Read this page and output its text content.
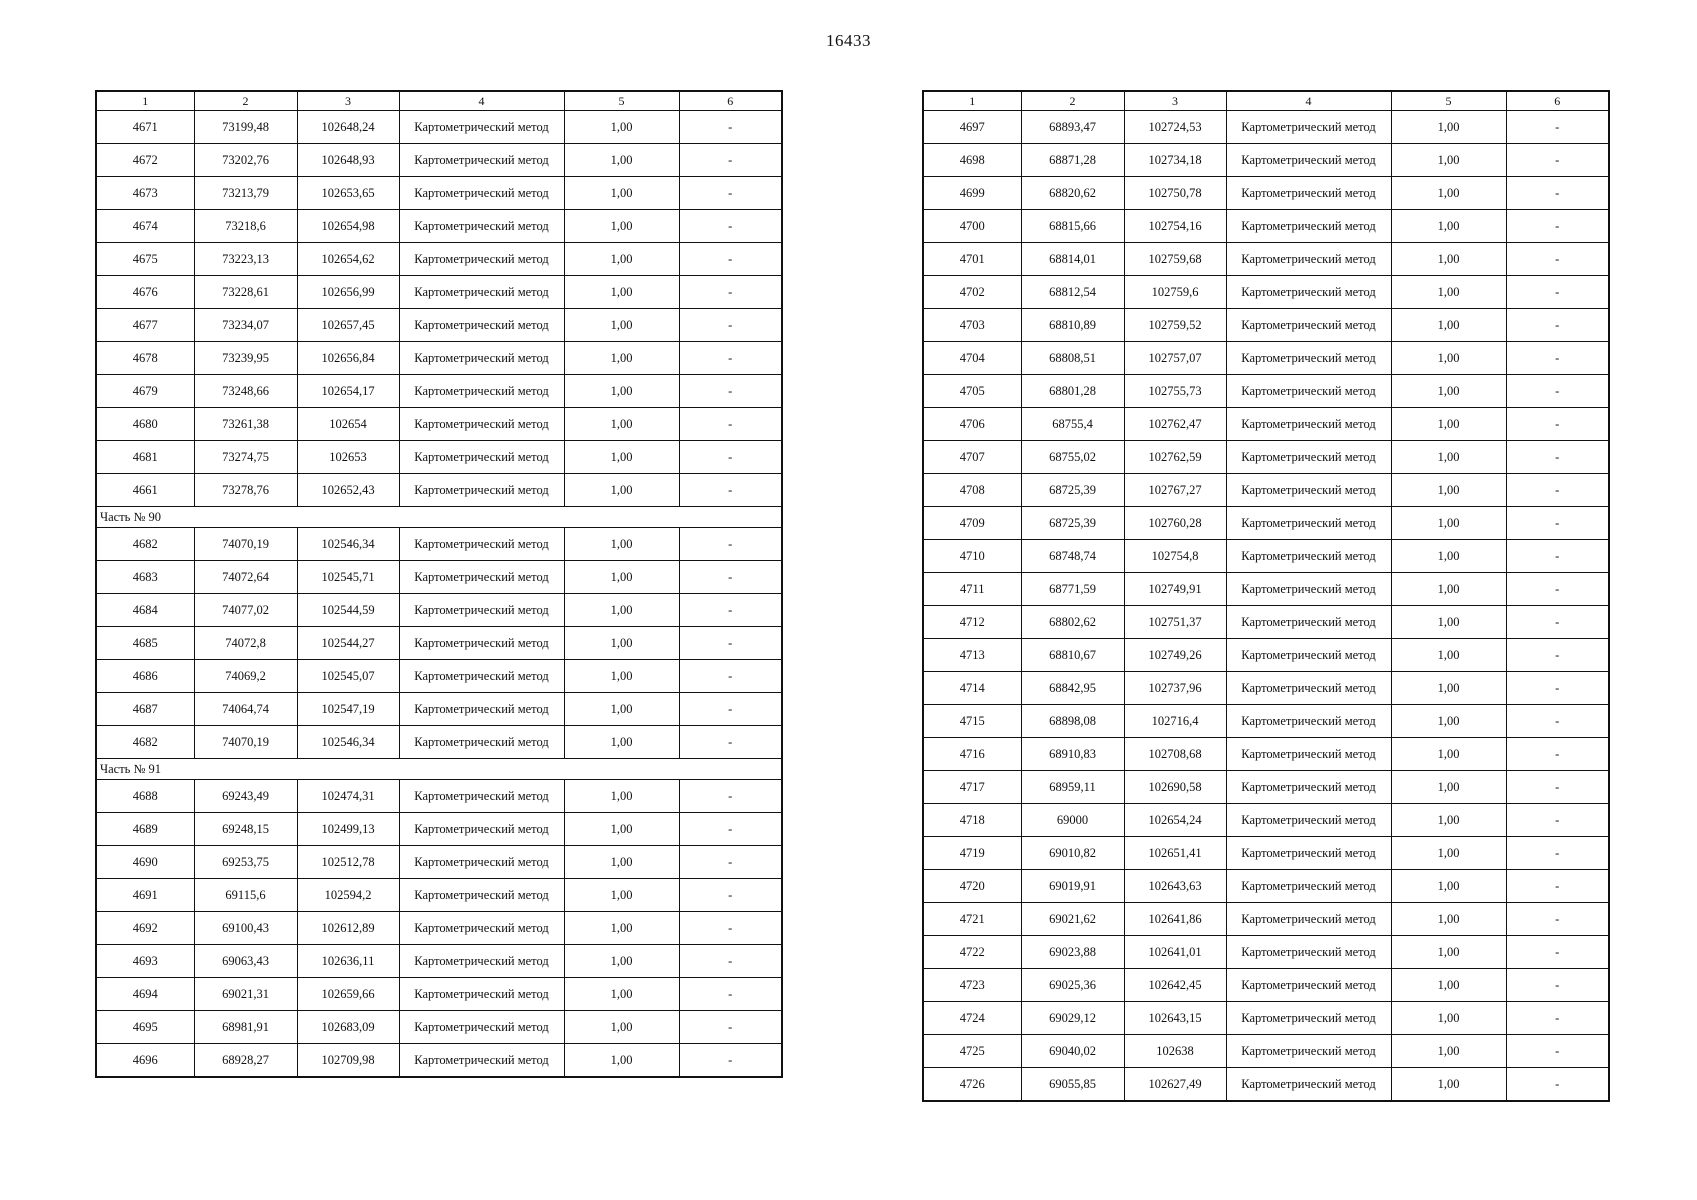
16433
1	2	3	4	5	6
4671	73199,48	102648,24	Картометрический метод	1,00	-
4672	73202,76	102648,93	Картометрический метод	1,00	-
4673	73213,79	102653,65	Картометрический метод	1,00	-
4674	73218,6	102654,98	Картометрический метод	1,00	-
4675	73223,13	102654,62	Картометрический метод	1,00	-
4676	73228,61	102656,99	Картометрический метод	1,00	-
4677	73234,07	102657,45	Картометрический метод	1,00	-
4678	73239,95	102656,84	Картометрический метод	1,00	-
4679	73248,66	102654,17	Картометрический метод	1,00	-
4680	73261,38	102654	Картометрический метод	1,00	-
4681	73274,75	102653	Картометрический метод	1,00	-
4661	73278,76	102652,43	Картометрический метод	1,00	-
Часть № 90					
4682	74070,19	102546,34	Картометрический метод	1,00	-
4683	74072,64	102545,71	Картометрический метод	1,00	-
4684	74077,02	102544,59	Картометрический метод	1,00	-
4685	74072,8	102544,27	Картометрический метод	1,00	-
4686	74069,2	102545,07	Картометрический метод	1,00	-
4687	74064,74	102547,19	Картометрический метод	1,00	-
4682	74070,19	102546,34	Картометрический метод	1,00	-
Часть № 91					
4688	69243,49	102474,31	Картометрический метод	1,00	-
4689	69248,15	102499,13	Картометрический метод	1,00	-
4690	69253,75	102512,78	Картометрический метод	1,00	-
4691	69115,6	102594,2	Картометрический метод	1,00	-
4692	69100,43	102612,89	Картометрический метод	1,00	-
4693	69063,43	102636,11	Картометрический метод	1,00	-
4694	69021,31	102659,66	Картометрический метод	1,00	-
4695	68981,91	102683,09	Картометрический метод	1,00	-
4696	68928,27	102709,98	Картометрический метод	1,00	-
1	2	3	4	5	6
4697	68893,47	102724,53	Картометрический метод	1,00	-
4698	68871,28	102734,18	Картометрический метод	1,00	-
4699	68820,62	102750,78	Картометрический метод	1,00	-
4700	68815,66	102754,16	Картометрический метод	1,00	-
4701	68814,01	102759,68	Картометрический метод	1,00	-
4702	68812,54	102759,6	Картометрический метод	1,00	-
4703	68810,89	102759,52	Картометрический метод	1,00	-
4704	68808,51	102757,07	Картометрический метод	1,00	-
4705	68801,28	102755,73	Картометрический метод	1,00	-
4706	68755,4	102762,47	Картометрический метод	1,00	-
4707	68755,02	102762,59	Картометрический метод	1,00	-
4708	68725,39	102767,27	Картометрический метод	1,00	-
4709	68725,39	102760,28	Картометрический метод	1,00	-
4710	68748,74	102754,8	Картометрический метод	1,00	-
4711	68771,59	102749,91	Картометрический метод	1,00	-
4712	68802,62	102751,37	Картометрический метод	1,00	-
4713	68810,67	102749,26	Картометрический метод	1,00	-
4714	68842,95	102737,96	Картометрический метод	1,00	-
4715	68898,08	102716,4	Картометрический метод	1,00	-
4716	68910,83	102708,68	Картометрический метод	1,00	-
4717	68959,11	102690,58	Картометрический метод	1,00	-
4718	69000	102654,24	Картометрический метод	1,00	-
4719	69010,82	102651,41	Картометрический метод	1,00	-
4720	69019,91	102643,63	Картометрический метод	1,00	-
4721	69021,62	102641,86	Картометрический метод	1,00	-
4722	69023,88	102641,01	Картометрический метод	1,00	-
4723	69025,36	102642,45	Картометрический метод	1,00	-
4724	69029,12	102643,15	Картометрический метод	1,00	-
4725	69040,02	102638	Картометрический метод	1,00	-
4726	69055,85	102627,49	Картометрический метод	1,00	-
